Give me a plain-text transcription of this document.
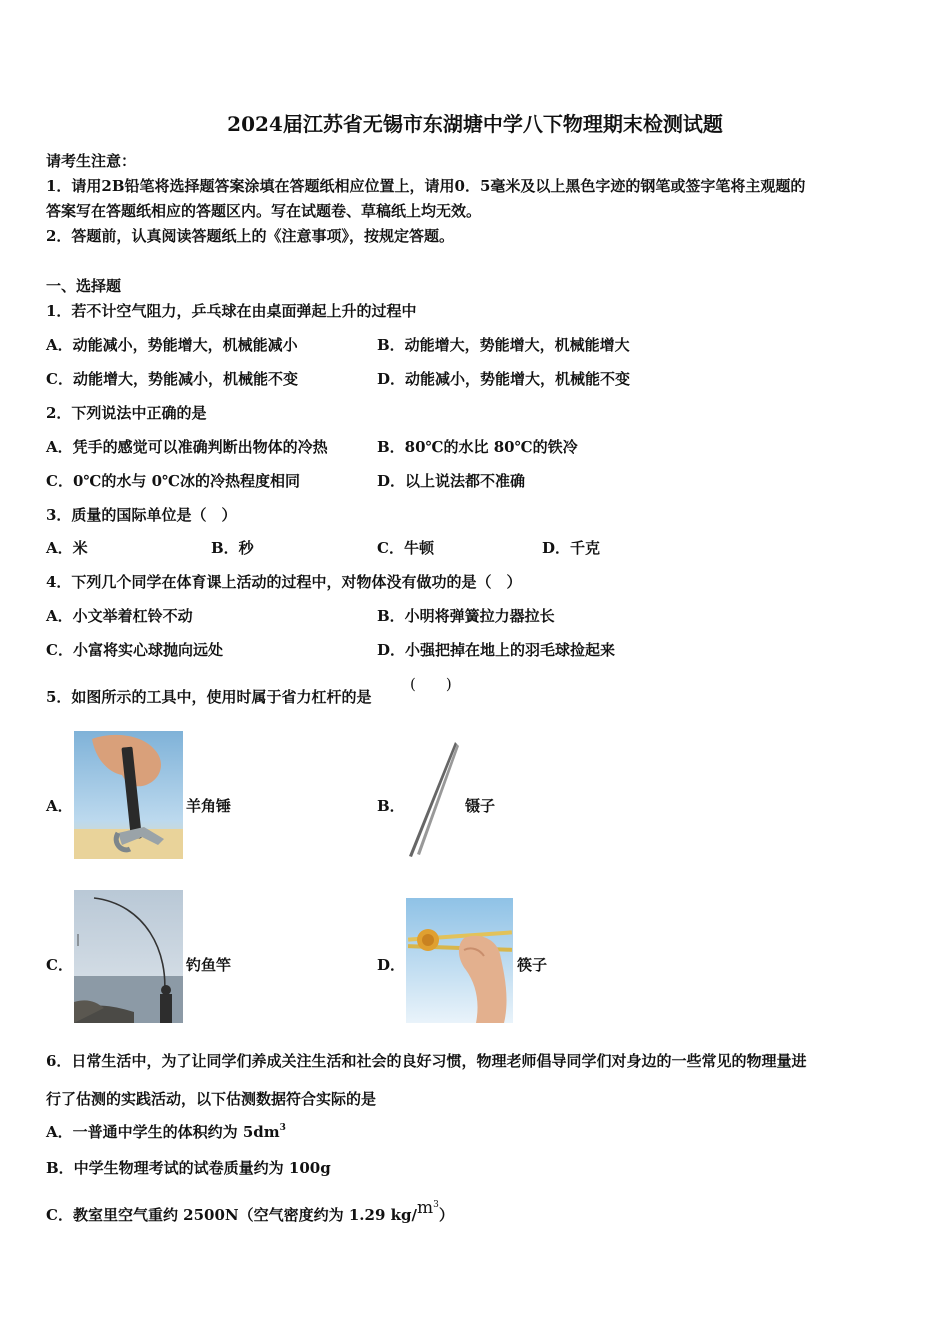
2024届江苏省无锡市东湖塘中学八下物理期末检测试题
请考生注意：
1．请用2B铅笔将选择题答案涂填在答题纸相应位置上，请用0．5毫米及以上黑色字迹的钢笔或签字笔将主观题的
答案写在答题纸相应的答题区内。写在试题卷、草稿纸上均无效。
2．答题前，认真阅读答题纸上的《注意事项》，按规定答题。
一、选择题
1．若不计空气阻力，乒乓球在由桌面弹起上升的过程中
A．动能减小，势能增大，机械能减小	B．动能增大，势能增大，机械能增大
C．动能增大，势能减小，机械能不变	D．动能减小，势能增大，机械能不变
2．下列说法中正确的是
A．凭手的感觉可以准确判断出物体的冷热	B．80℃的水比 80℃的铁冷
C．0℃的水与 0℃冰的冷热程度相同	D．以上说法都不准确
3．质量的国际单位是（　）
A．米	B．秒	C．牛顿	D．千克
4．下列几个同学在体育课上活动的过程中，对物体没有做功的是（　）
A．小文举着杠铃不动	B．小明将弹簧拉力器拉长
C．小富将实心球抛向远处	D．小强把掉在地上的羽毛球捡起来
5．如图所示的工具中，使用时属于省力杠杆的是
(　　)
A．	羊角锤	B．	镊子
C．	钓鱼竿	D．	筷子
6．日常生活中，为了让同学们养成关注生活和社会的良好习惯，物理老师倡导同学们对身边的一些常见的物理量进
行了估测的实践活动，以下估测数据符合实际的是
A．一普通中学生的体积约为 $5dm^3$
B．中学生物理考试的试卷质量约为 100g
C．教室里空气重约 2500N（空气密度约为 1.29 $kg/m^3$）
